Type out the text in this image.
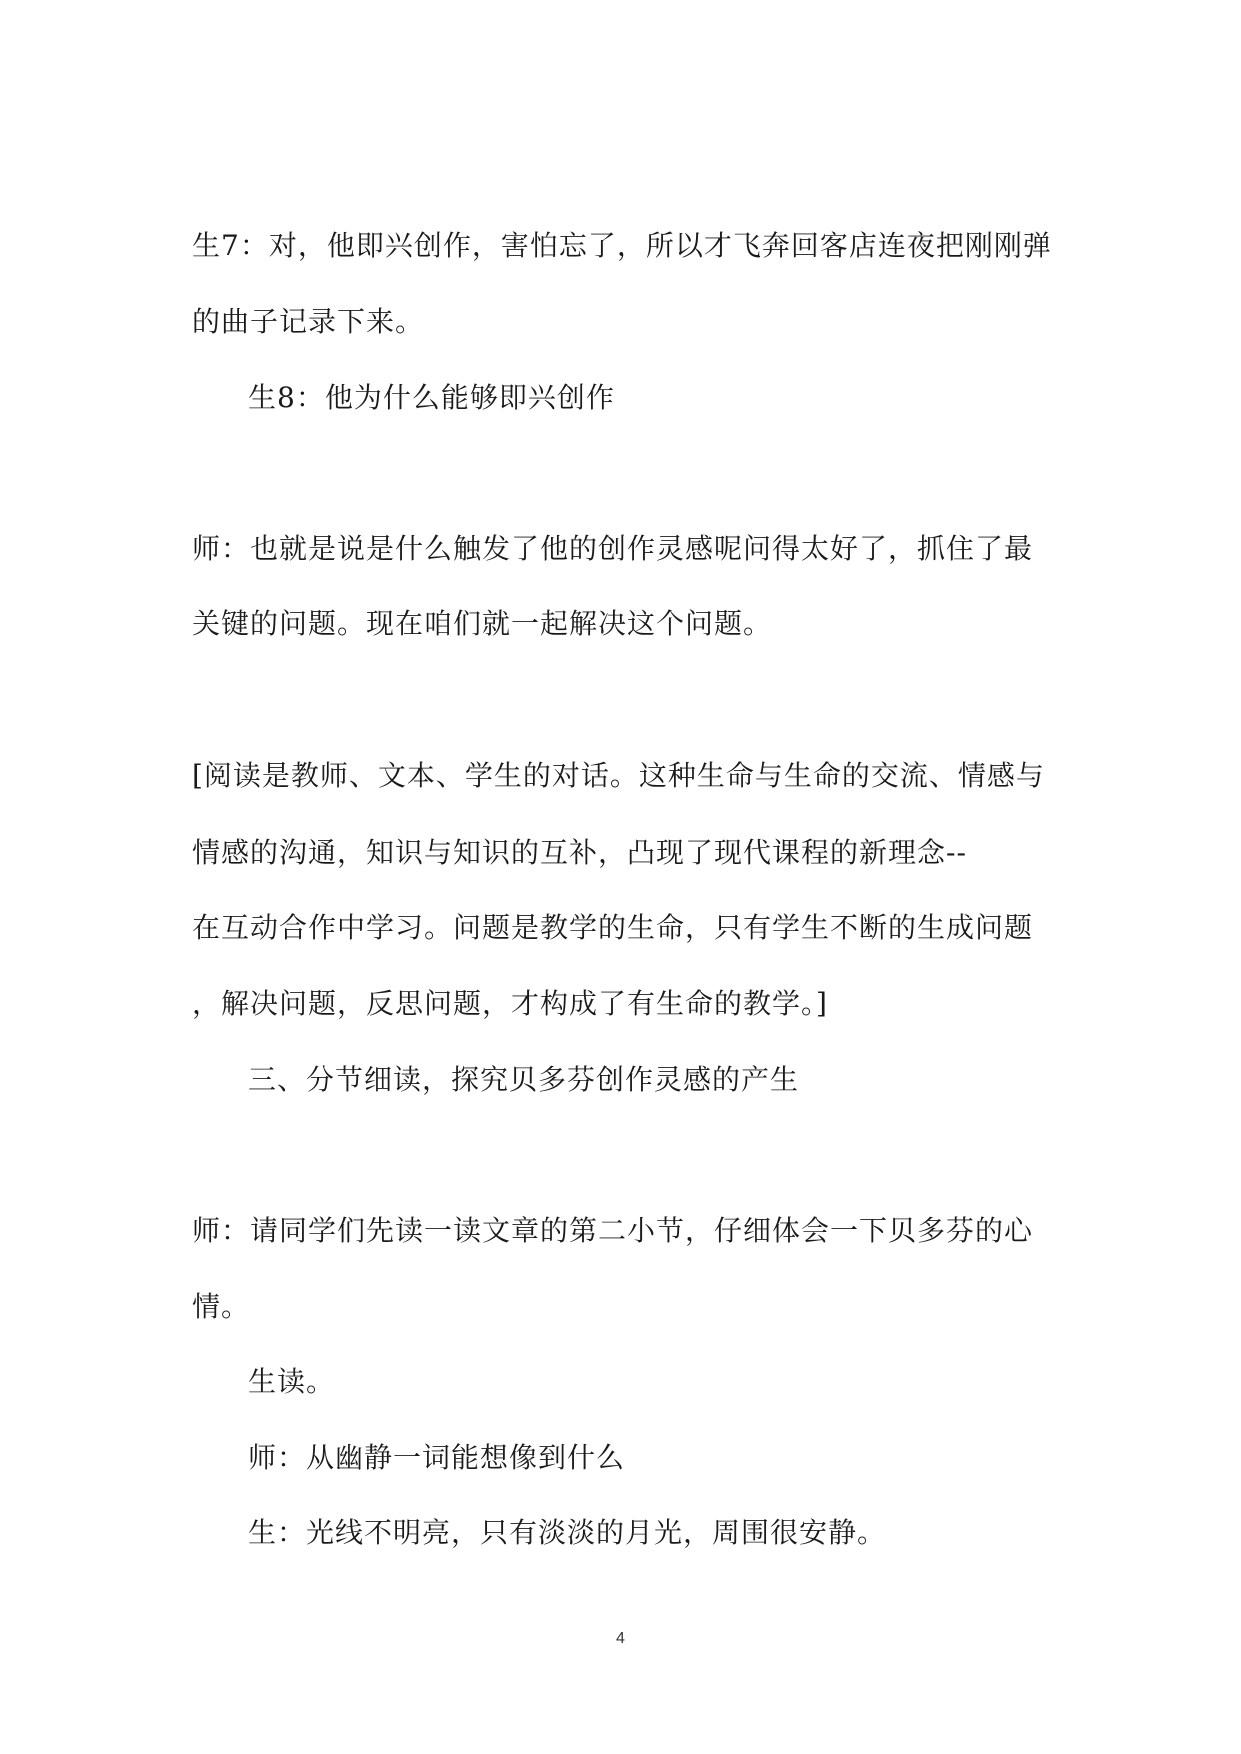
生7：对，他即兴创作，害怕忘了，所以才飞奔回客店连夜把刚刚弹
的曲子记录下来。
生8：他为什么能够即兴创作
师：也就是说是什么触发了他的创作灵感呢问得太好了，抓住了最
关键的问题。现在咱们就一起解决这个问题。
[阅读是教师、文本、学生的对话。这种生命与生命的交流、情感与
情感的沟通，知识与知识的互补，凸现了现代课程的新理念--
在互动合作中学习。问题是教学的生命，只有学生不断的生成问题
，解决问题，反思问题，才构成了有生命的教学。]
三、分节细读，探究贝多芬创作灵感的产生
师：请同学们先读一读文章的第二小节，仔细体会一下贝多芬的心
情。
生读。
师：从幽静一词能想像到什么
生：光线不明亮，只有淡淡的月光，周围很安静。
4
